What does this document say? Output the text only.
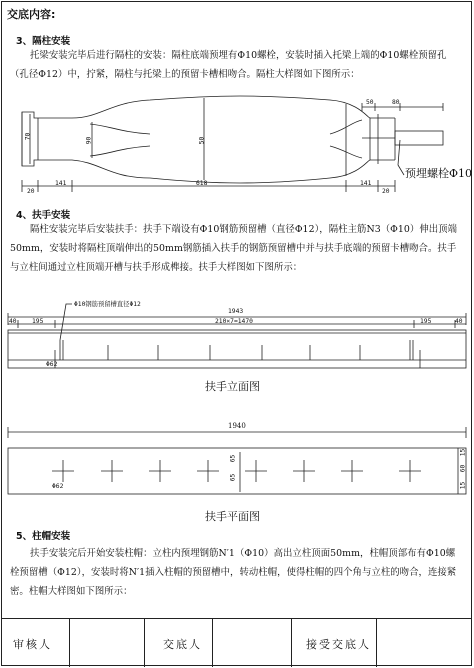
交底内容:
3、隔柱安装
托梁安装完毕后进行隔柱的安装：隔柱底端预埋有Φ10螺栓，安装时插入托梁上端的Φ10螺栓预留孔（孔径Φ12）中，拧紧，隔柱与托梁上的预留卡槽相吻合。隔柱大样图如下图所示：
50	80
20
141	618	141
20
70
90	50
预埋螺栓Φ10
4、扶手安装
隔柱安装完毕后安装扶手：扶手下端设有Φ10钢筋预留槽（直径Φ12），隔柱主筋N3（Φ10）伸出顶端50mm，安装时将隔柱顶端伸出的50mm钢筋插入扶手的钢筋预留槽中并与扶手底端的预留卡槽吻合。扶手与立柱间通过立柱顶端开槽与扶手形成榫接。扶手大样图如下图所示：
Φ10钢筋预留槽直径Φ12
1943
40 195	210×7=1470	195	40
Φ62
扶手立面图
1940
Φ62
65
65
15
60
15
扶手平面图
5、柱帽安装
扶手安装完后开始安装柱帽：立柱内预埋钢筋N′1（Φ10）高出立柱顶面50mm，柱帽顶部布有Φ10螺栓预留槽（Φ12），安装时将N′1插入柱帽的预留槽中，转动柱帽，使得柱帽的四个角与立柱的吻合，连接紧密。柱帽大样图如下图所示：
审核人	交底人	接受交底人
